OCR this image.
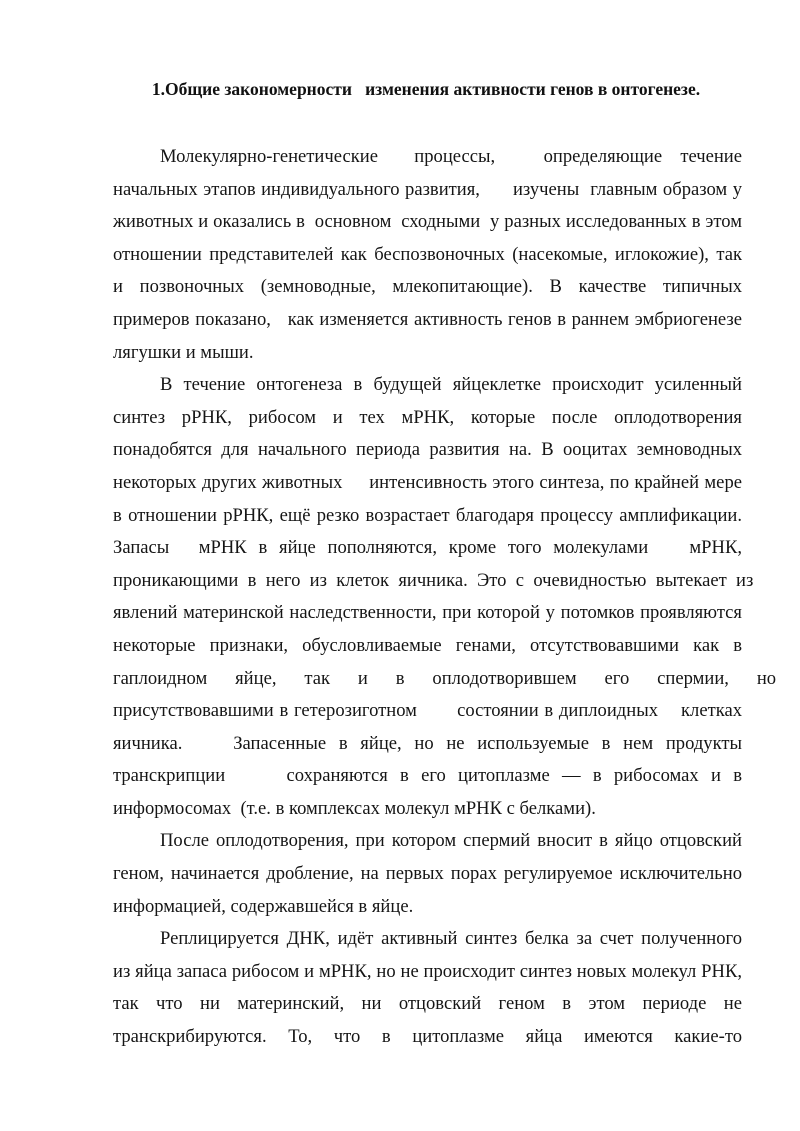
1.Общие закономерности   изменения активности генов в онтогенезе.

Молекулярно-генетические      процессы,        определяющие   течение

начальных этапов индивидуального развития,      изучены  главным образом у

животных и оказались в  основном  сходными  у разных исследованных в этом

отношении представителей как беспозвоночных (насекомые, иглокожие), так

и   позвоночных   (земноводные,   млекопитающие).   В   качестве   типичных

примеров показано,   как изменяется активность генов в раннем эмбриогенезе

лягушки и мыши.

В  течение  онтогенеза  в  будущей  яйцеклетке  происходит  усиленный

синтез  рРНК,  рибосом  и  тех  мРНК,  которые  после  оплодотворения

понадобятся  для  начального  периода  развития  на.  В  ооцитах  земноводных

некоторых других животных     интенсивность этого синтеза, по крайней мере

в отношении рРНК, ещё резко возрастает благодаря процессу амплификации.

Запасы     мРНК  в  яйце  пополняются,  кроме  того  молекулами       мРНК,

проникающими  в  него  из  клеток  яичника.  Это  с  очевидностью  вытекает  из

явлений материнской наследственности, при которой у потомков проявляются

некоторые  признаки,  обусловливаемые  генами,  отсутствовавшими  как  в

гаплоидном      яйце,      так      и      в      оплодотворившем      его      спермии,      но

присутствовавшими в гетерозиготном       состоянии в диплоидных    клетках

яичника.        Запасенные  в  яйце,  но  не  используемые  в  нем  продукты

транскрипции          сохраняются  в  его  цитоплазме  —  в  рибосомах  и  в

информосомах  (т.е. в комплексах молекул мРНК с белками).

После оплодотворения, при котором спермий вносит в яйцо отцовский

геном, начинается дробление, на первых порах регулируемое исключительно

информацией, содержавшейся в яйце.

Реплицируется ДНК, идёт активный синтез белка за счет полученного

из яйца запаса рибосом и мРНК, но не происходит синтез новых молекул РНК,

так  что  ни  материнский,  ни  отцовский  геном  в  этом  периоде  не

транскрибируются.   То,   что   в   цитоплазме   яйца   имеются   какие-то
